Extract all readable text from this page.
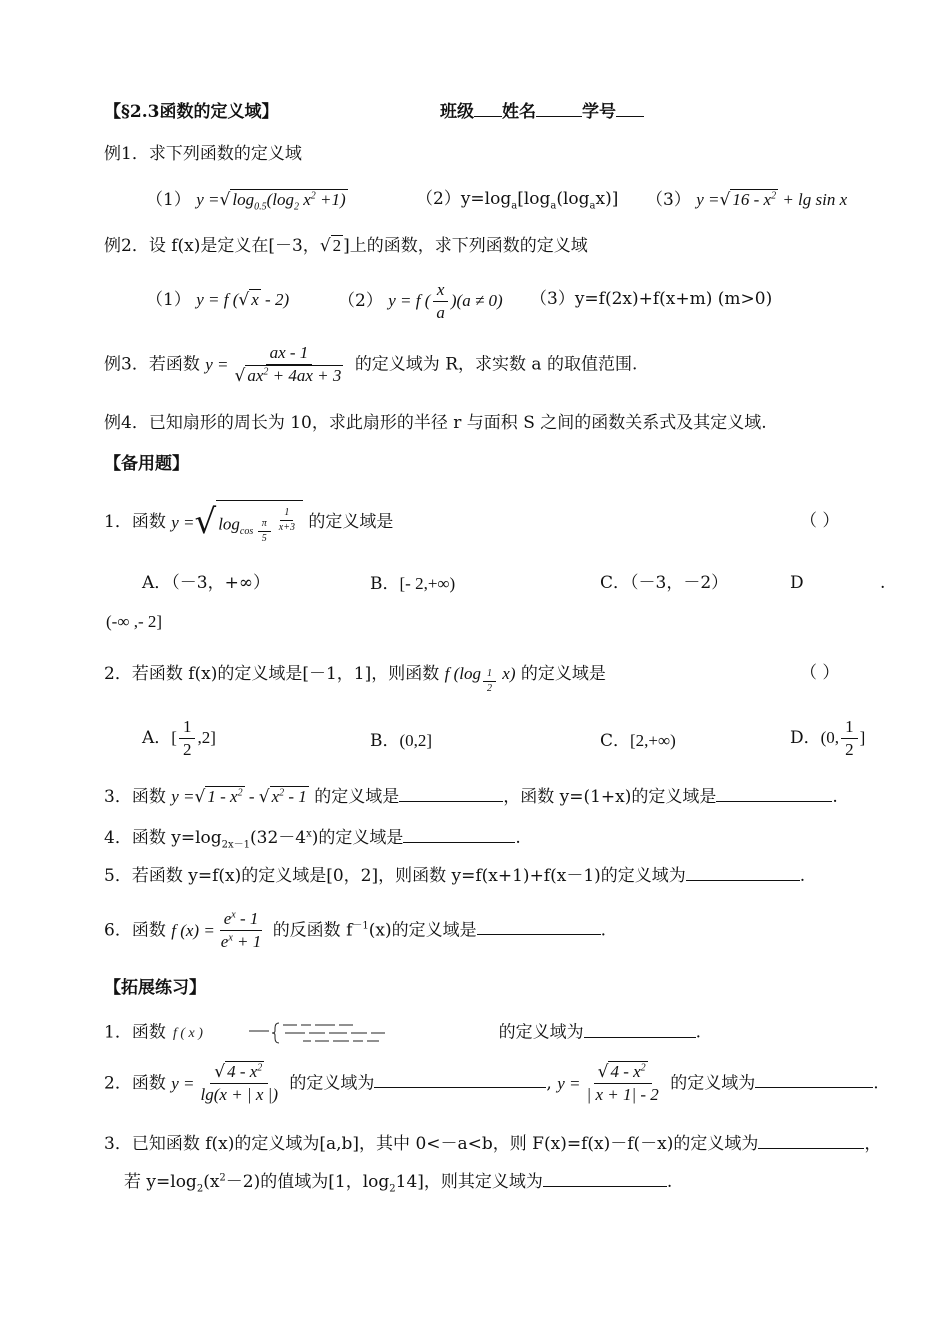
【§2.3函数的定义域】	班级 姓名	学号
例1．求下列函数的定义域
（1） y =√ $\log_{0.5}(\log_2$ $x^2 +1$)	$(2)y=\log_a[\log_a(\log_ax)]$ （3） y =√ $16 - x^2 + \lg \sin x$
例2．设 f(x)是定义在[－3，√ 2 ]上的函数，求下列函数的定义域
（1） y = f (√ x - 2)	（2） y = f ( $\frac{x}{a} )(a \ne 0)$ （3）y=f(2x)+f(x+m) (m>0)
例3．若函数 $y = \frac{ax - 1}{√ ax^2 + 4ax + 3}$ 的定义域为 R，求实数 a 的取值范围.
例4．已知扇形的周长为 10，求此扇形的半径 r 与面积 S 之间的函数关系式及其定义域.
【备用题】
1．函数 y = √ $\log_{cos \frac{\pi}{5}} ^{\frac{1}{x+3}}$ 的定义域是	（ ）
A．（－3，+∞）	B．[- 2,+∞)	C．（－3，－2）	D	.
(-∞ ,- 2]
2．若函数 f(x)的定义域是[－1，1]，则函数 f (log $_{\frac{1}{2}}$ x) 的定义域是	（ ）
A．[ $\frac{1}{2} ,2$]	B．(0,2]	C．[2,+∞)	D．(0, $\frac{1}{2}$ ]
3．函数 y =√ $1 - x^2$ - √ $x^2 - 1$ 的定义域是	，函数 y=(1+x)的定义域是	.
4．函数 $y=\log_{2x-1}(32-4^x)$的定义域是	.
5．若函数 y=f(x)的定义域是[0，2]，则函数 y=f(x+1)+f(x－1)的定义域为	.
6．函数 f $(x) = \frac{e^x - 1}{e^x + 1}$ 的反函数 $f^{-1}(x)$的定义域是	.
【拓展练习】
1．函数 f ( x )	的定义域为	.
2．函数 $y = \frac{√ 4 - x^2}{\lg(x + | x |)}$ 的定义域为	, $y = \frac{√ 4 - x^2}{| x + 1| - 2}$ 的定义域为	.
3．已知函数 f(x)的定义域为[a,b]，其中 0<－a<b，则 F(x)=f(x)－f(－x)的定义域为	，
若 $y=\log_2(x^2-2)$的值域为[1，$\log_214$]，则其定义域为	.
